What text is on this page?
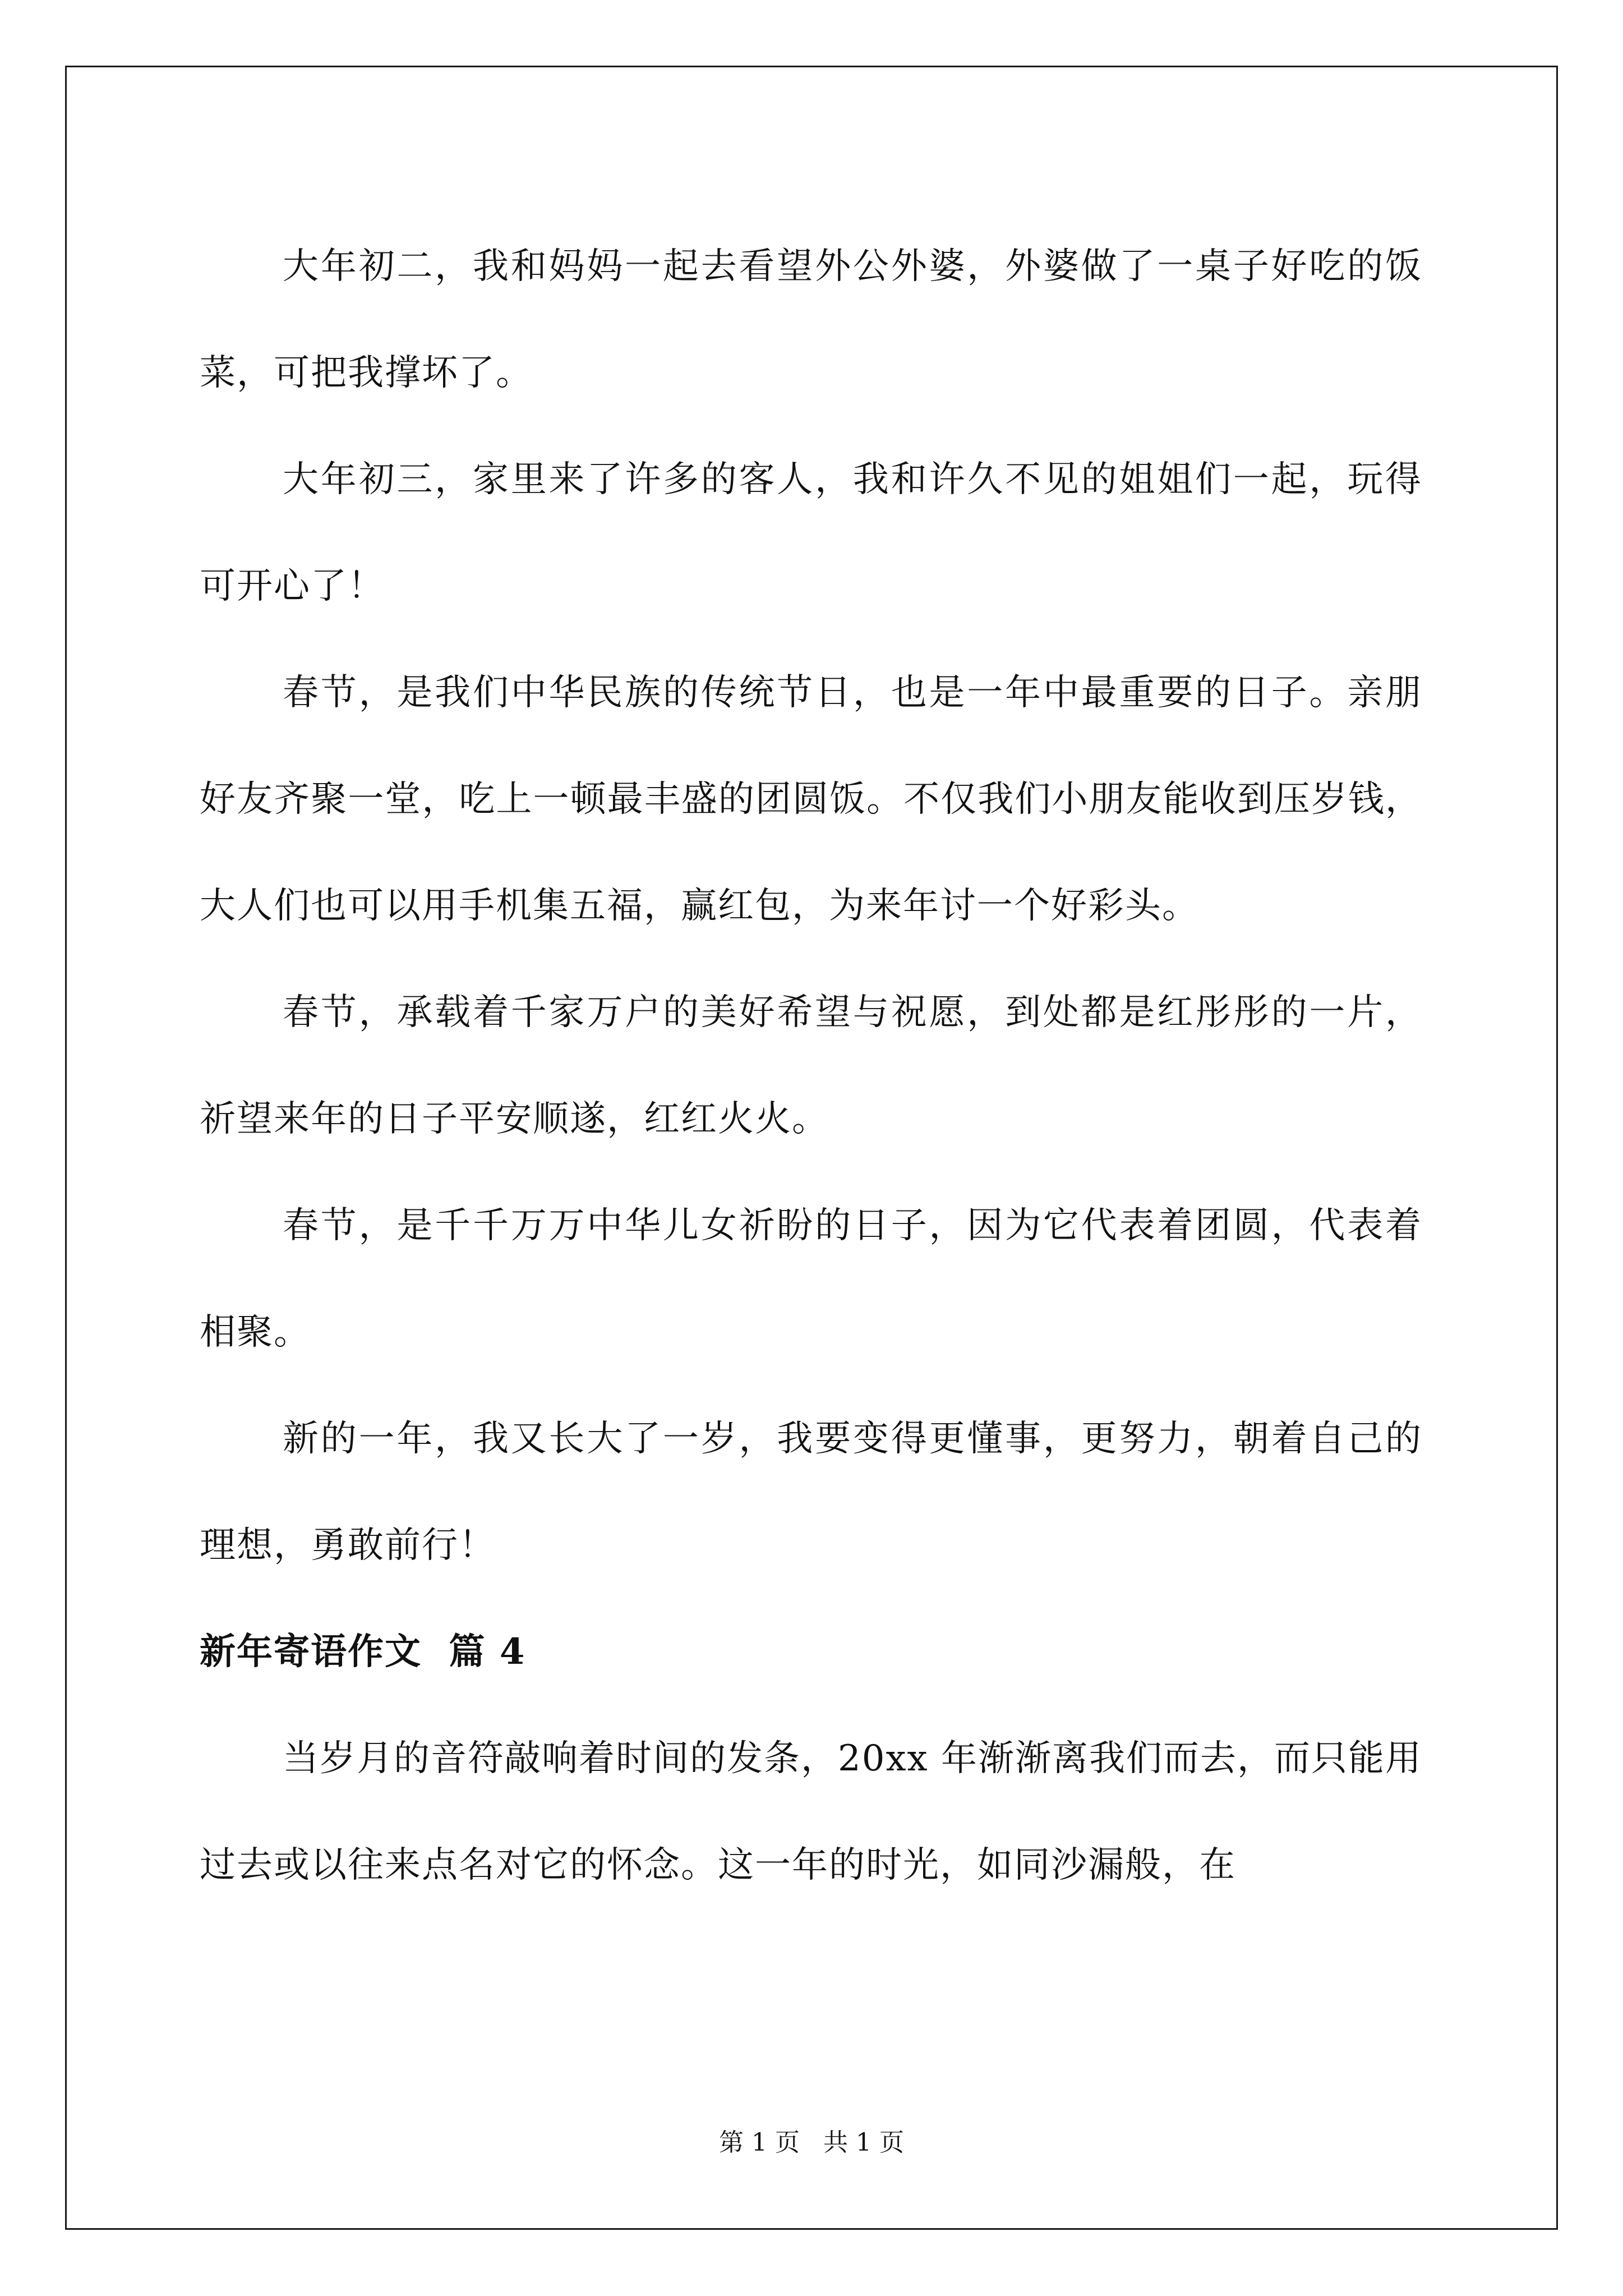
大年初二，我和妈妈一起去看望外公外婆，外婆做了一桌子好吃的饭菜，可把我撑坏了。

大年初三，家里来了许多的客人，我和许久不见的姐姐们一起，玩得可开心了！

春节，是我们中华民族的传统节日，也是一年中最重要的日子。亲朋好友齐聚一堂，吃上一顿最丰盛的团圆饭。不仅我们小朋友能收到压岁钱，大人们也可以用手机集五福，赢红包，为来年讨一个好彩头。

春节，承载着千家万户的美好希望与祝愿，到处都是红彤彤的一片，祈望来年的日子平安顺遂，红红火火。

春节，是千千万万中华儿女祈盼的日子，因为它代表着团圆，代表着相聚。

新的一年，我又长大了一岁，我要变得更懂事，更努力，朝着自己的理想，勇敢前行！

新年寄语作文  篇 4

当岁月的音符敲响着时间的发条，20xx 年渐渐离我们而去，而只能用过去或以往来点名对它的怀念。这一年的时光，如同沙漏般，在

第 1 页   共 1 页
